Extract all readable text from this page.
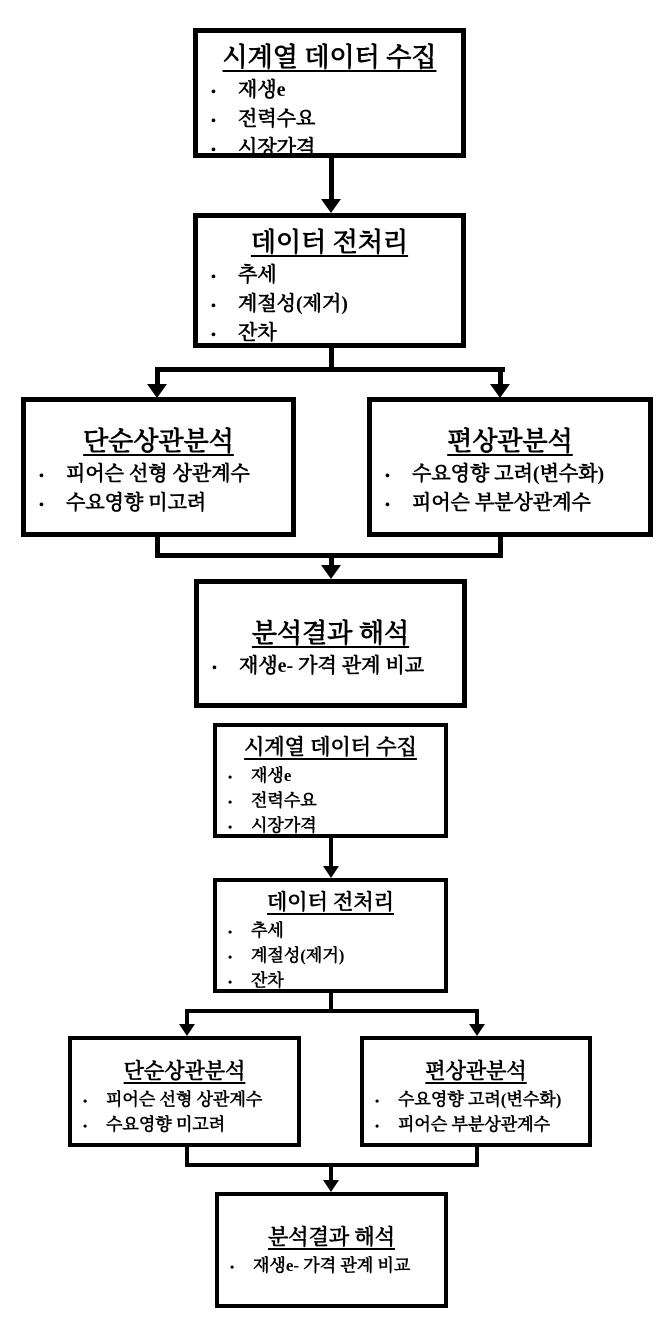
시계열 데이터 수집
•	재생e
•	전력수요
•	시장가격
데이터 전처리
•	추세
•	계절성(제거)
•	잔차
단순상관분석
•	피어슨 선형 상관계수
•	수요영향 미고려
편상관분석
•	수요영향 고려(변수화)
•	피어슨 부분상관계수
분석결과 해석
•	재생e- 가격 관계 비교
시계열 데이터 수집
•	재생e
•	전력수요
•	시장가격
데이터 전처리
•	추세
•	계절성(제거)
•	잔차
단순상관분석
•	피어슨 선형 상관계수
•	수요영향 미고려
편상관분석
•	수요영향 고려(변수화)
•	피어슨 부분상관계수
분석결과 해석
•	재생e- 가격 관계 비교
